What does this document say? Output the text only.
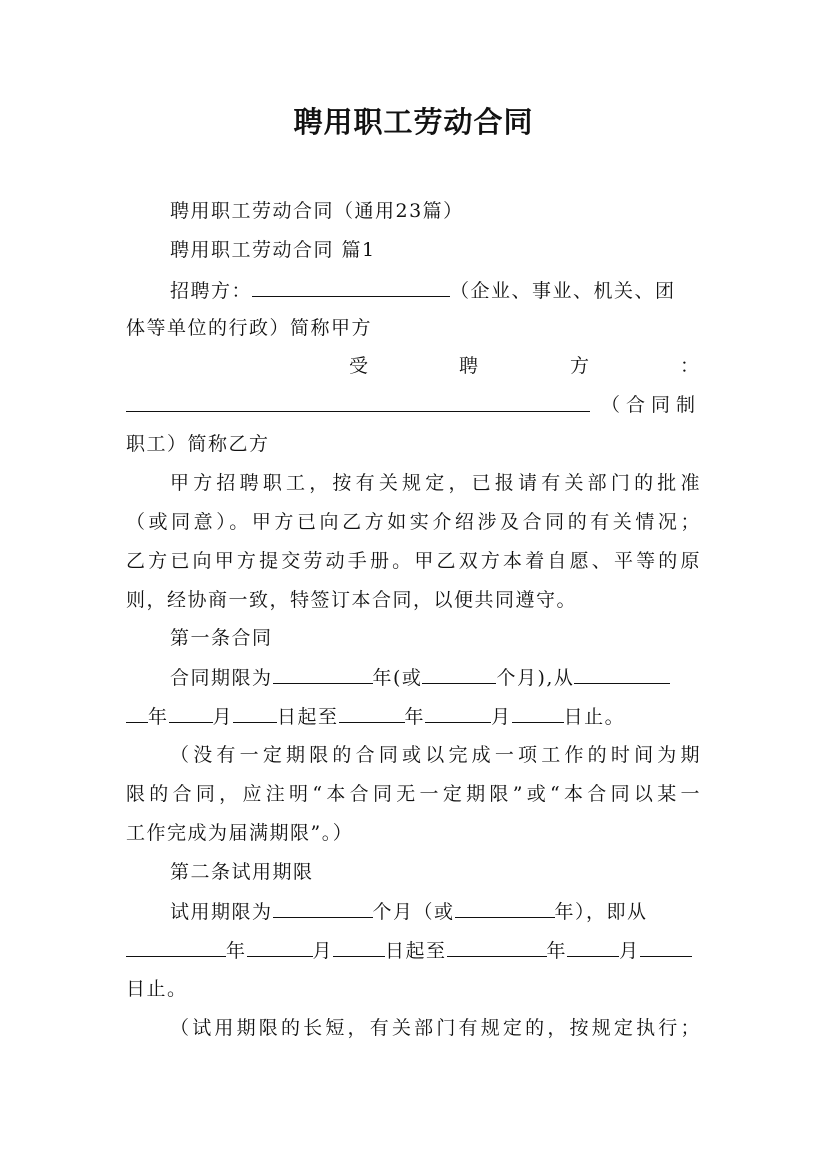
聘用职工劳动合同
聘用职工劳动合同（通用23篇）
聘用职工劳动合同 篇1
招聘方：	（企业、事业、机关、团
体等单位的行政）简称甲方
受	聘	方	：
（合同制
职工）简称乙方
甲方招聘职工，按有关规定，已报请有关部门的批准
（或同意）。甲方已向乙方如实介绍涉及合同的有关情况；
乙方已向甲方提交劳动手册。甲乙双方本着自愿、平等的原
则，经协商一致，特签订本合同，以便共同遵守。
第一条合同
合同期限为	年(或	个月),从
年 月 日起至	年	月	日止。
（没有一定期限的合同或以完成一项工作的时间为期
限的合同，应注明“本合同无一定期限”或“本合同以某一
工作完成为届满期限”。）
第二条试用期限
试用期限为	个月（或	年），即从
年	月	日起至	年	月
日止。
（试用期限的长短，有关部门有规定的，按规定执行；
